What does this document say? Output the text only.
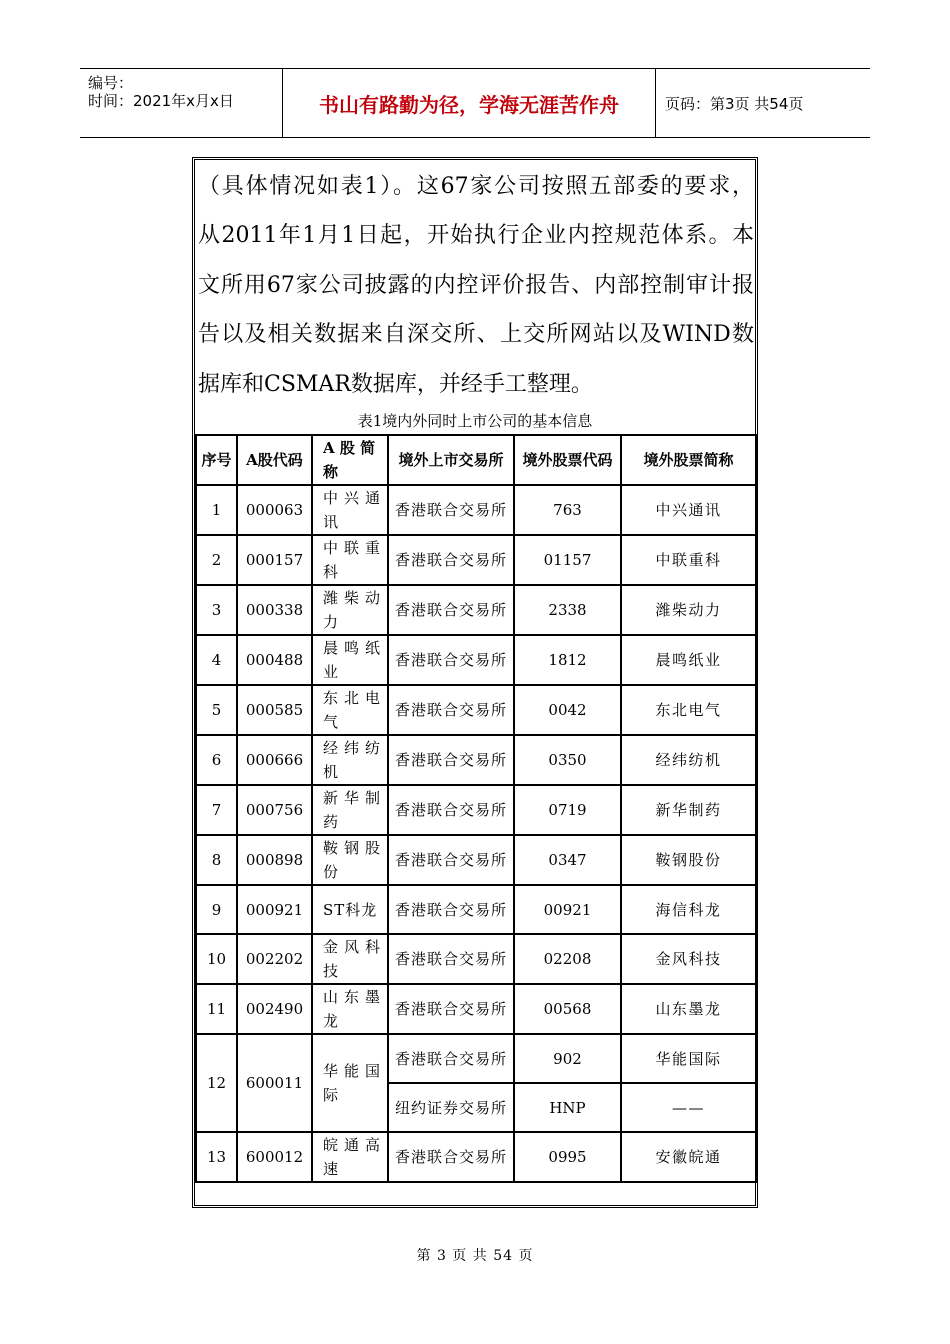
编号：
时间：2021年x月x日	书山有路勤为径，学海无涯苦作舟	页码：第3页 共54页
（具体情况如表1）。这67家公司按照五部委的要求，
从2011年1月1日起，开始执行企业内控规范体系。本
文所用67家公司披露的内控评价报告、内部控制审计报
告以及相关数据来自深交所、上交所网站以及WIND数
据库和CSMAR数据库，并经手工整理。
表1境内外同时上市公司的基本信息
序号	A股代码	A 股 简称	境外上市交易所	境外股票代码	境外股票简称
1	000063	中兴通讯	香港联合交易所	763	中兴通讯
2	000157	中联重科	香港联合交易所	01157	中联重科
3	000338	潍柴动力	香港联合交易所	2338	潍柴动力
4	000488	晨鸣纸业	香港联合交易所	1812	晨鸣纸业
5	000585	东北电气	香港联合交易所	0042	东北电气
6	000666	经纬纺机	香港联合交易所	0350	经纬纺机
7	000756	新华制药	香港联合交易所	0719	新华制药
8	000898	鞍钢股份	香港联合交易所	0347	鞍钢股份
9	000921	ST科龙	香港联合交易所	00921	海信科龙
10	002202	金风科技	香港联合交易所	02208	金风科技
11	002490	山东墨龙	香港联合交易所	00568	山东墨龙
12	600011	华能国际	香港联合交易所	902	华能国际
			纽约证券交易所	HNP	——
13	600012	皖通高速	香港联合交易所	0995	安徽皖通
第 3 页 共 54 页
